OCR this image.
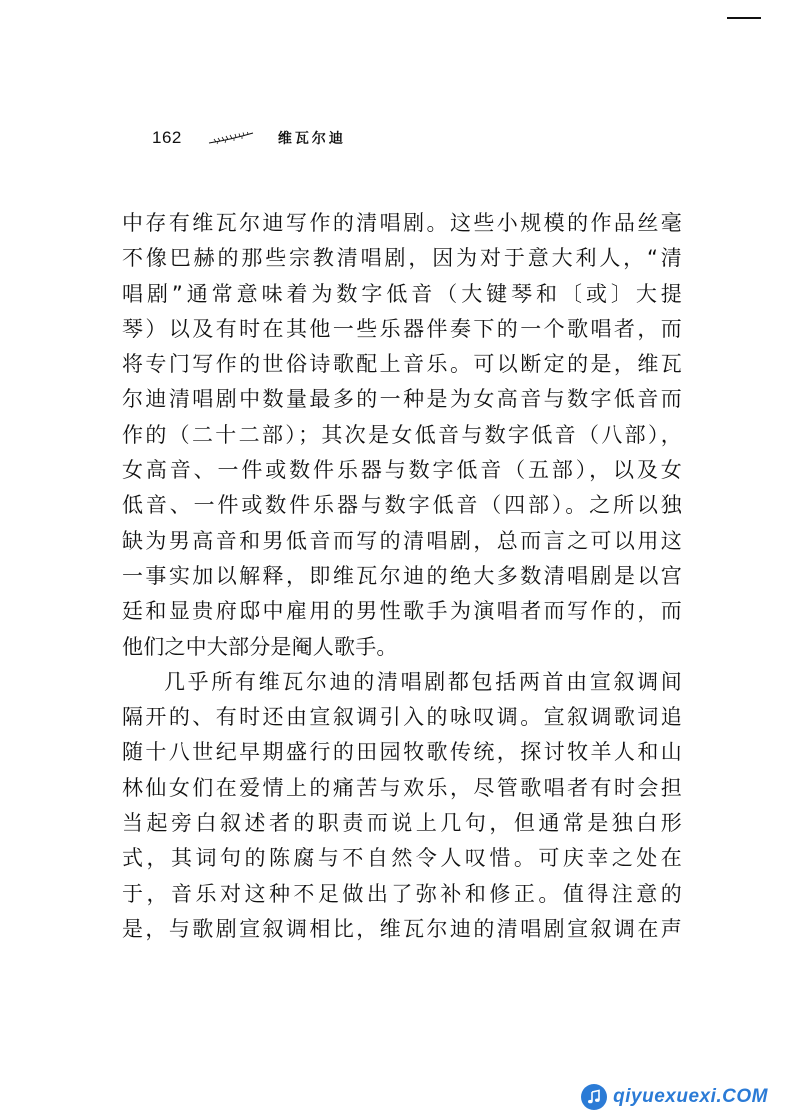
162	维瓦尔迪
中存有维瓦尔迪写作的清唱剧。这些小规模的作品丝毫
不像巴赫的那些宗教清唱剧，因为对于意大利人，“清
唱剧”通常意味着为数字低音（大键琴和〔或〕大提
琴）以及有时在其他一些乐器伴奏下的一个歌唱者，而
将专门写作的世俗诗歌配上音乐。可以断定的是，维瓦
尔迪清唱剧中数量最多的一种是为女高音与数字低音而
作的（二十二部）；其次是女低音与数字低音（八部），
女高音、一件或数件乐器与数字低音（五部），以及女
低音、一件或数件乐器与数字低音（四部）。之所以独
缺为男高音和男低音而写的清唱剧，总而言之可以用这
一事实加以解释，即维瓦尔迪的绝大多数清唱剧是以宫
廷和显贵府邸中雇用的男性歌手为演唱者而写作的，而
他们之中大部分是阉人歌手。
几乎所有维瓦尔迪的清唱剧都包括两首由宣叙调间
隔开的、有时还由宣叙调引入的咏叹调。宣叙调歌词追
随十八世纪早期盛行的田园牧歌传统，探讨牧羊人和山
林仙女们在爱情上的痛苦与欢乐，尽管歌唱者有时会担
当起旁白叙述者的职责而说上几句，但通常是独白形
式，其词句的陈腐与不自然令人叹惜。可庆幸之处在
于，音乐对这种不足做出了弥补和修正。值得注意的
是，与歌剧宣叙调相比，维瓦尔迪的清唱剧宣叙调在声
qiyuexuexi.COM
